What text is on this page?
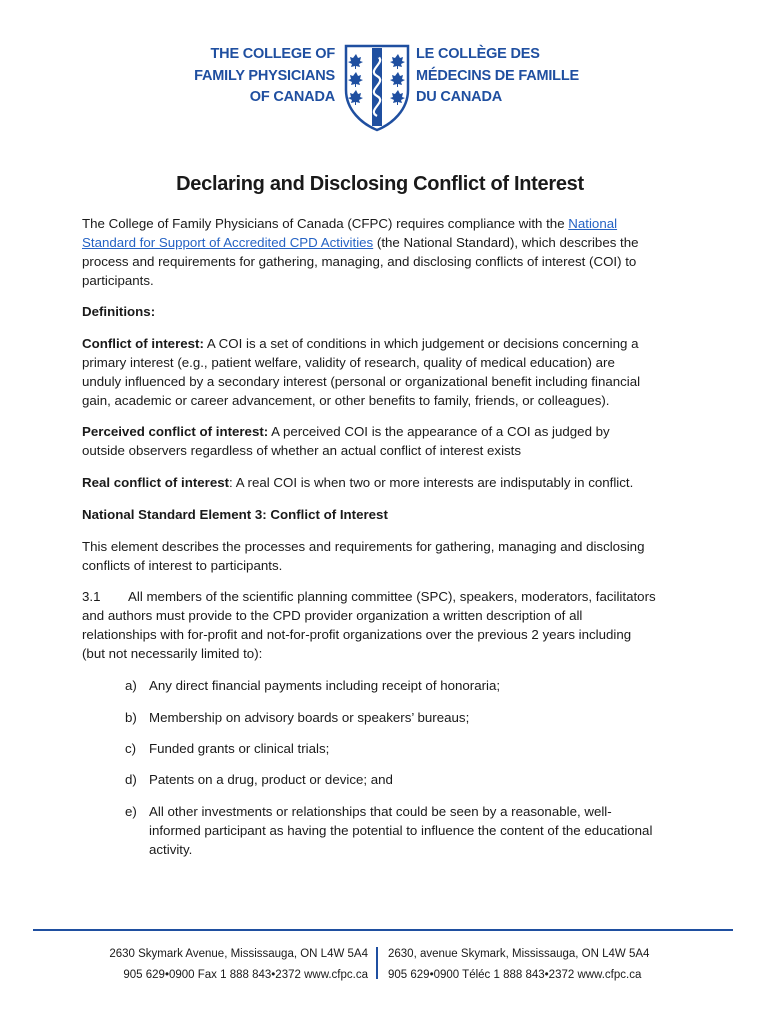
THE COLLEGE OF
FAMILY PHYSICIANS
OF CANADA
LE COLLÈGE DES
MÉDECINS DE FAMILLE
DU CANADA
Declaring and Disclosing Conflict of Interest
The College of Family Physicians of Canada (CFPC) requires compliance with the National
Standard for Support of Accredited CPD Activities (the National Standard), which describes the
process and requirements for gathering, managing, and disclosing conflicts of interest (COI) to
participants.
Definitions:
Conflict of interest: A COI is a set of conditions in which judgement or decisions concerning a
primary interest (e.g., patient welfare, validity of research, quality of medical education) are
unduly influenced by a secondary interest (personal or organizational benefit including financial
gain, academic or career advancement, or other benefits to family, friends, or colleagues).
Perceived conflict of interest: A perceived COI is the appearance of a COI as judged by
outside observers regardless of whether an actual conflict of interest exists
Real conflict of interest: A real COI is when two or more interests are indisputably in conflict.
National Standard Element 3: Conflict of Interest
This element describes the processes and requirements for gathering, managing and disclosing
conflicts of interest to participants.
3.1 All members of the scientific planning committee (SPC), speakers, moderators, facilitators
and authors must provide to the CPD provider organization a written description of all
relationships with for-profit and not-for-profit organizations over the previous 2 years including
(but not necessarily limited to):
a) Any direct financial payments including receipt of honoraria;
b) Membership on advisory boards or speakers’ bureaus;
c) Funded grants or clinical trials;
d) Patents on a drug, product or device; and
e) All other investments or relationships that could be seen by a reasonable, well-
informed participant as having the potential to influence the content of the educational
activity.
2630 Skymark Avenue, Mississauga, ON L4W 5A4
905 629•0900 Fax 1 888 843•2372 www.cfpc.ca
2630, avenue Skymark, Mississauga, ON L4W 5A4
905 629•0900 Téléc 1 888 843•2372 www.cfpc.ca
